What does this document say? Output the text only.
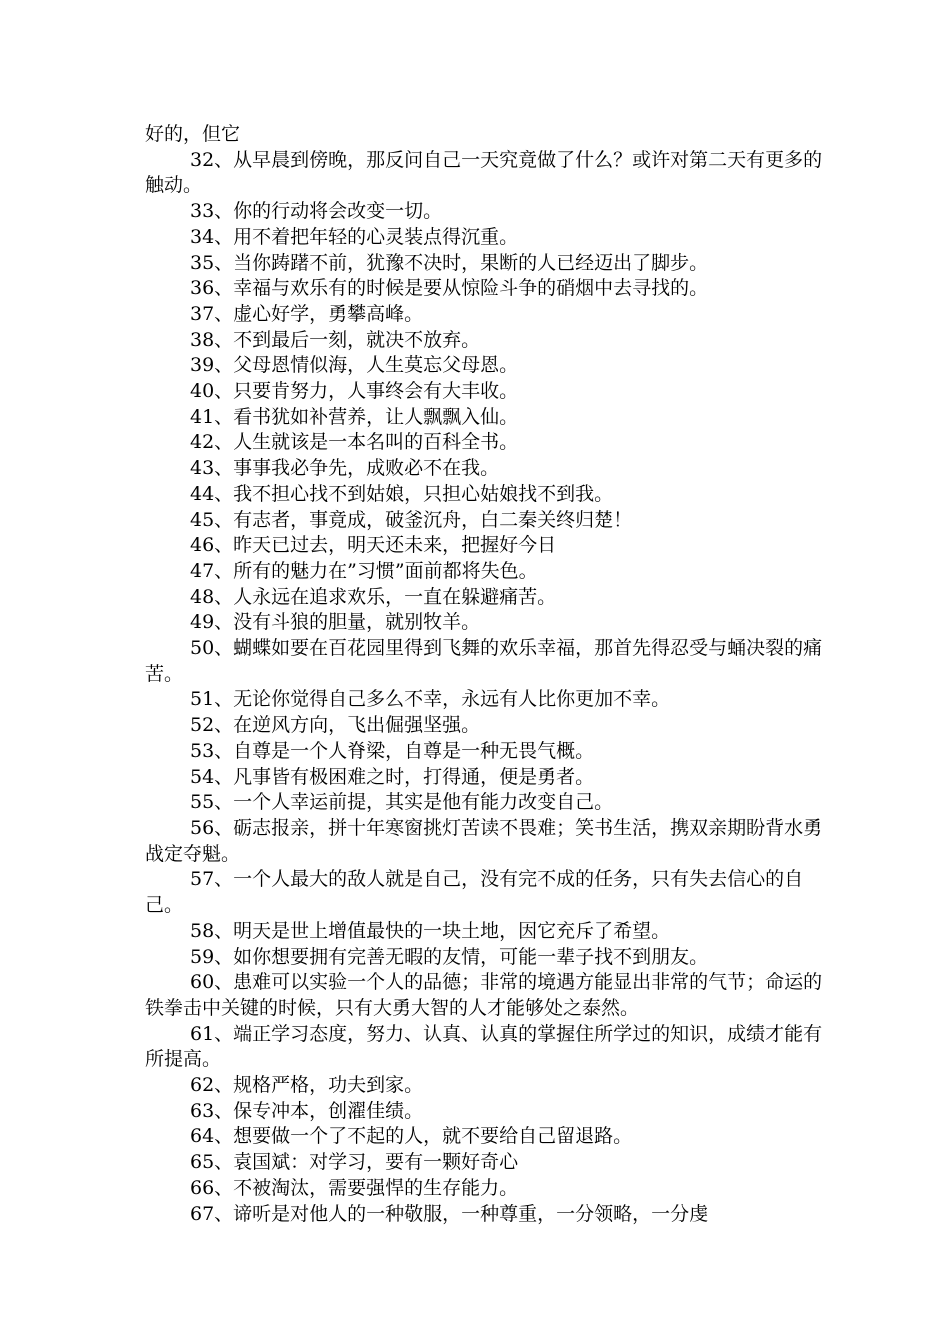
好的，但它

32、从早晨到傍晚，那反问自己一天究竟做了什么？或许对第二天有更多的触动。

33、你的行动将会改变一切。

34、用不着把年轻的心灵装点得沉重。

35、当你踌躇不前，犹豫不决时，果断的人已经迈出了脚步。

36、幸福与欢乐有的时候是要从惊险斗争的硝烟中去寻找的。

37、虚心好学，勇攀高峰。

38、不到最后一刻，就决不放弃。

39、父母恩情似海，人生莫忘父母恩。

40、只要肯努力，人事终会有大丰收。

41、看书犹如补营养，让人飘飘入仙。

42、人生就该是一本名叫的百科全书。

43、事事我必争先，成败必不在我。

44、我不担心找不到姑娘，只担心姑娘找不到我。

45、有志者，事竟成，破釜沉舟，白二秦关终归楚！

46、昨天已过去，明天还未来，把握好今日

47、所有的魅力在”习惯”面前都将失色。

48、人永远在追求欢乐，一直在躲避痛苦。

49、没有斗狼的胆量，就别牧羊。

50、蝴蝶如要在百花园里得到飞舞的欢乐幸福，那首先得忍受与蛹决裂的痛苦。

51、无论你觉得自己多么不幸，永远有人比你更加不幸。

52、在逆风方向，飞出倔强坚强。

53、自尊是一个人脊梁，自尊是一种无畏气概。

54、凡事皆有极困难之时，打得通，便是勇者。

55、一个人幸运前提，其实是他有能力改变自己。

56、砺志报亲，拼十年寒窗挑灯苦读不畏难；笑书生活，携双亲期盼背水勇战定夺魁。

57、一个人最大的敌人就是自己，没有完不成的任务，只有失去信心的自己。

58、明天是世上增值最快的一块土地，因它充斥了希望。

59、如你想要拥有完善无暇的友情，可能一辈子找不到朋友。

60、患难可以实验一个人的品德；非常的境遇方能显出非常的气节；命运的铁拳击中关键的时候，只有大勇大智的人才能够处之泰然。

61、端正学习态度，努力、认真、认真的掌握住所学过的知识，成绩才能有所提高。

62、规格严格，功夫到家。

63、保专冲本，创濯佳绩。

64、想要做一个了不起的人，就不要给自己留退路。

65、袁国斌：对学习，要有一颗好奇心

66、不被淘汰，需要强悍的生存能力。

67、谛听是对他人的一种敬服，一种尊重，一分领略，一分虔
